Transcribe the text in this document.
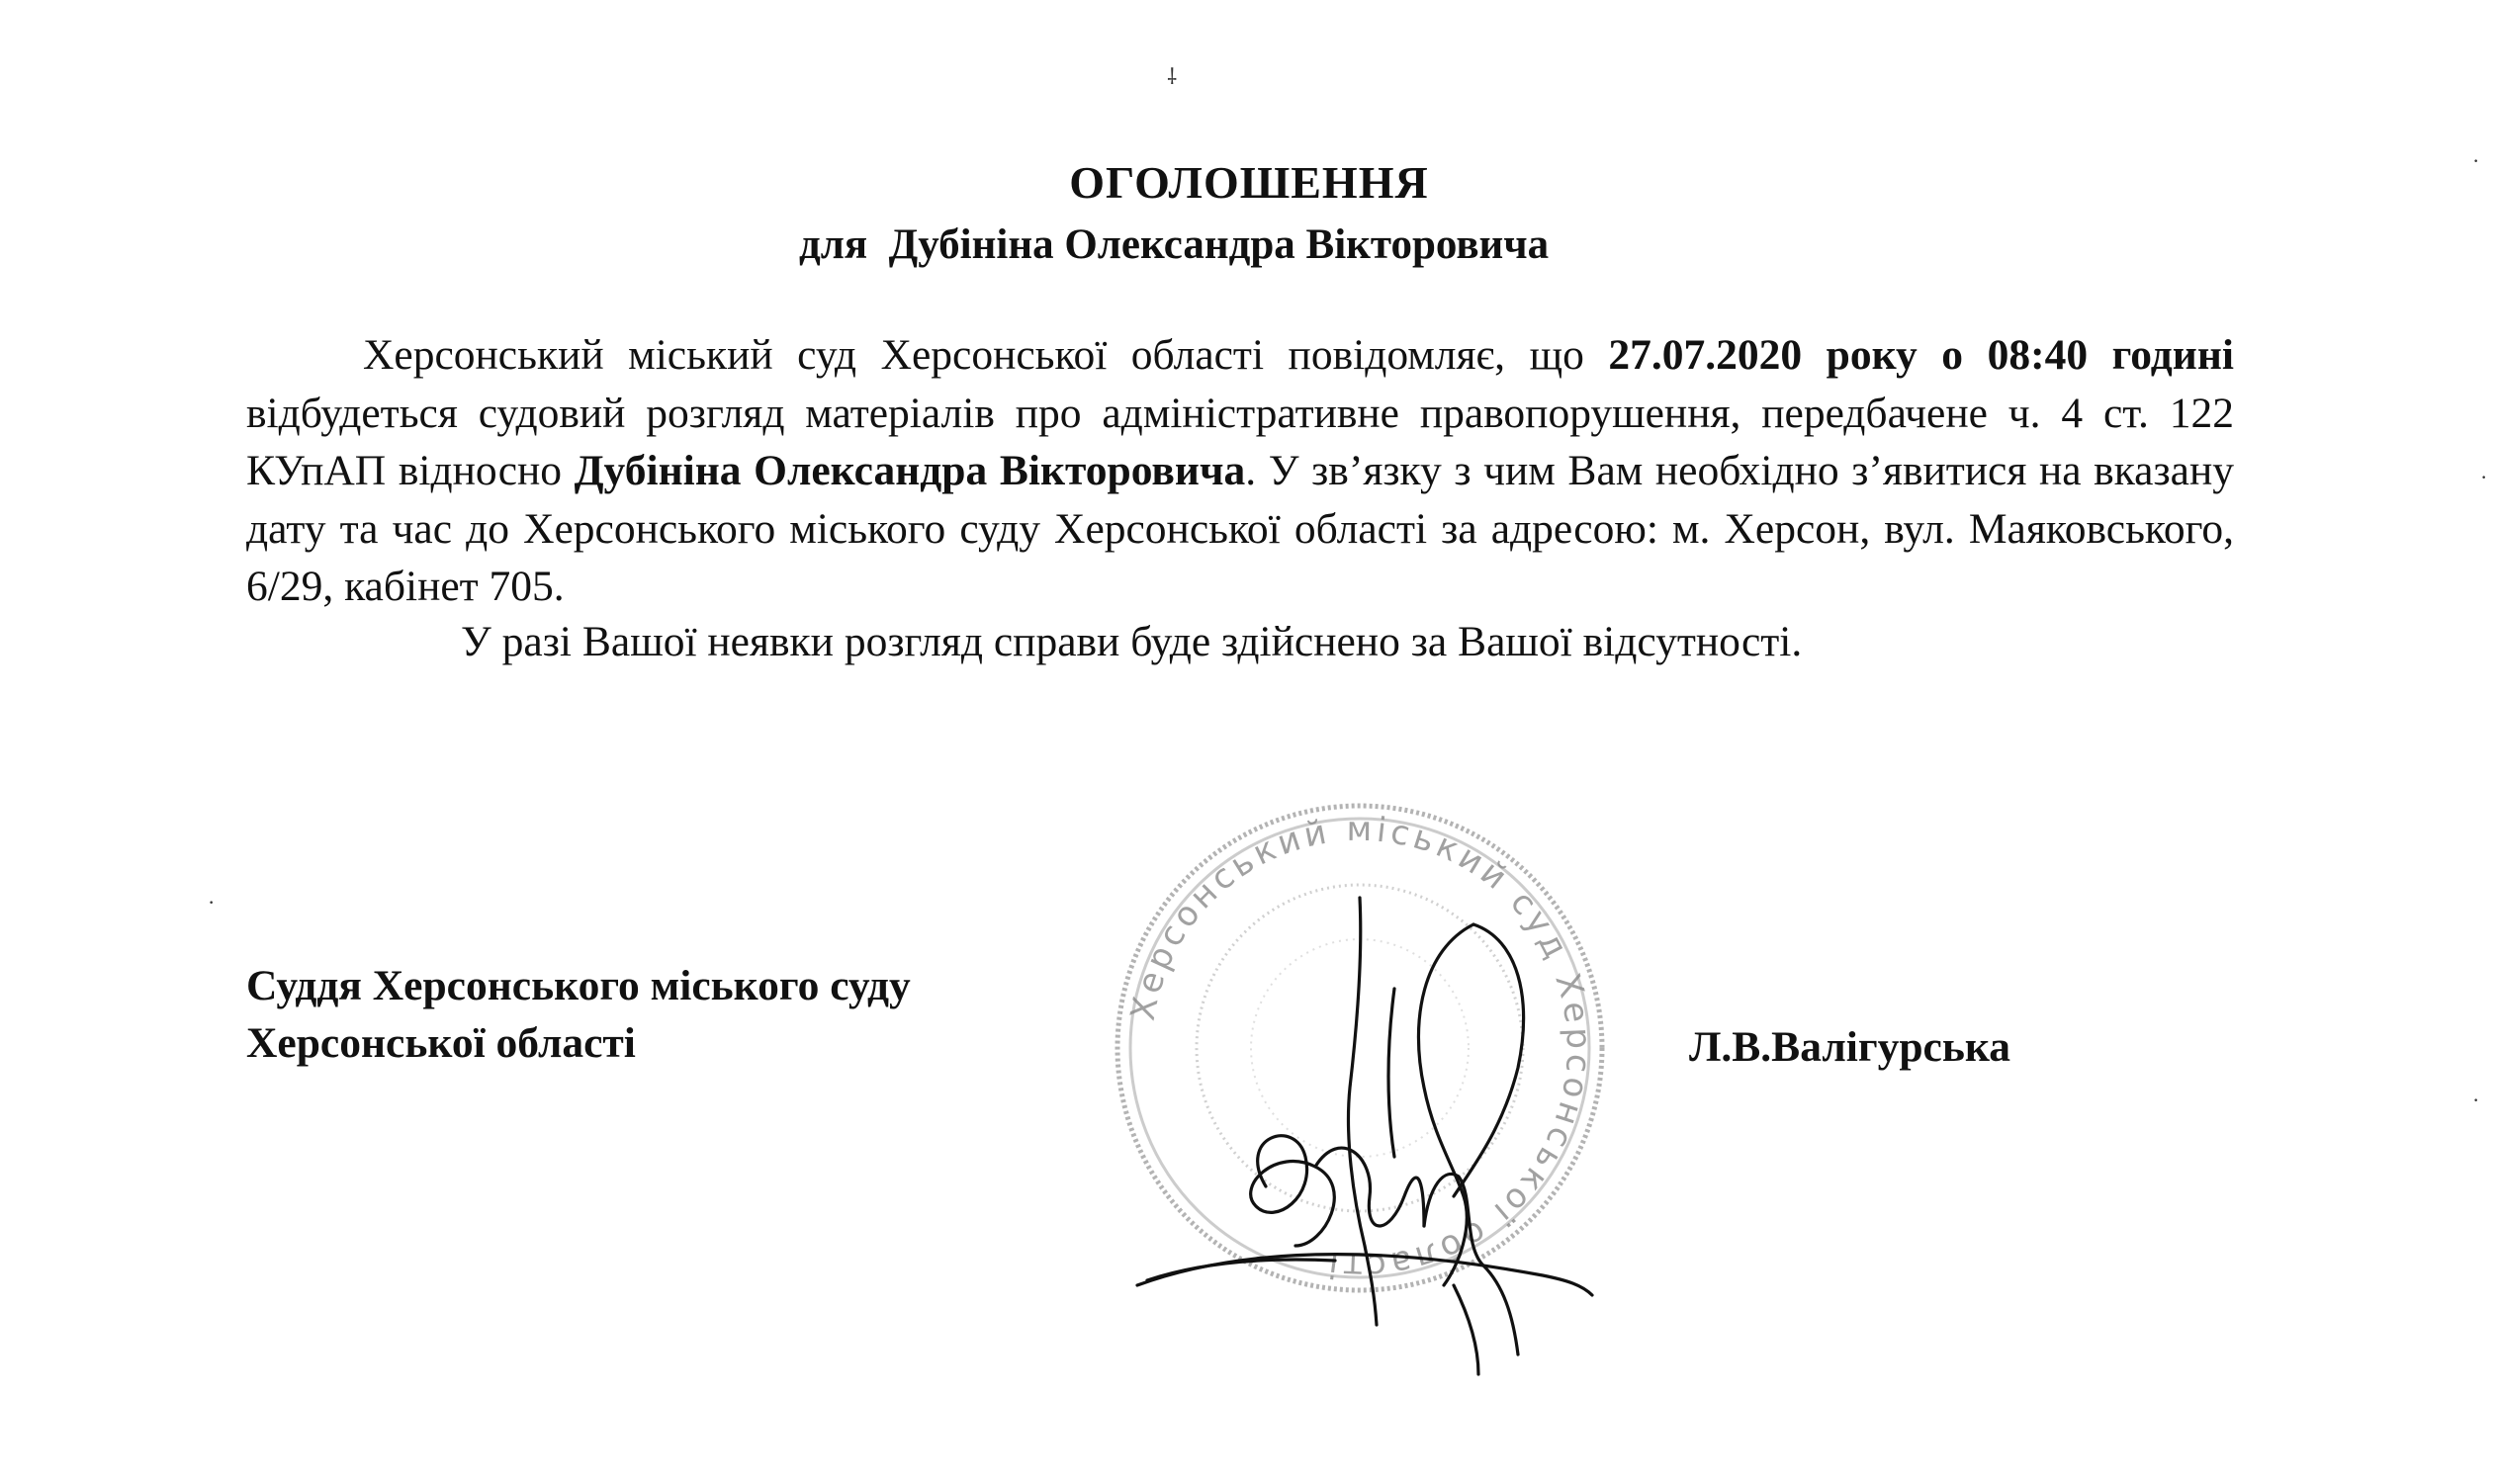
⸸
·
·
·
·
ОГОЛОШЕННЯ
для Дубініна Олександра Вікторовича
Херсонський міський суд Херсонської області повідомляє, що 27.07.2020 року о 08:40 годині відбудеться судовий розгляд матеріалів про адміністративне правопорушення, передбачене ч. 4 ст. 122 КУпАП відносно Дубініна Олександра Вікторовича. У зв’язку з чим Вам необхідно з’явитися на вказану дату та час до Херсонського міського суду Херсонської області за адресою: м. Херсон, вул. Маяковського, 6/29, кабінет 705.
У разі Вашої неявки розгляд справи буде здійснено за Вашої відсутності.
Суддя Херсонського міського суду
Херсонської області	Л.В.Валігурська
Херсонський міський суд Херсонської області
